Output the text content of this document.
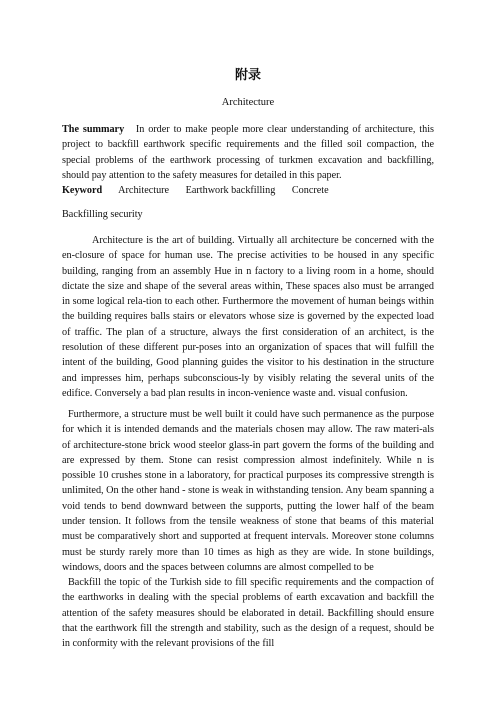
附录
Architecture

The summary In order to make people more clear understanding of architecture, this project to backfill earthwork specific requirements and the filled soil compaction, the special problems of the earthwork processing of turkmen excavation and backfilling, should pay attention to the safety measures for detailed in this paper.

Keyword Architecture Earthwork backfilling Concrete
Backfilling security

Architecture is the art of building. Virtually all architecture be concerned with the en-closure of space for human use. The precise activities to be housed in any specific building, ranging from an assembly Hue in n factory to a living room in a home, should dictate the size and shape of the several areas within, These spaces also must be arranged in some logical rela-tion to each other. Furthermore the movement of human beings within the building requires balls stairs or elevators whose size is governed by the expected load of traffic. The plan of a structure, always the first consideration of an architect, is the resolution of these different pur-poses into an organization of spaces that will fulfill the intent of the building, Good planning guides the visitor to his destination in the structure and impresses him, perhaps subconscious-ly by visibly relating the several units of the edifice. Conversely a bad plan results in incon-venience waste and. visual confusion.

Furthermore, a structure must be well built it could have such permanence as the purpose for which it is intended demands and the materials chosen may allow. The raw materi-als of architecture-stone brick wood steelor glass-in part govern the forms of the building and are expressed by them. Stone can resist compression almost indefinitely. While n is possible 10 crushes stone in a laboratory, for practical purposes its compressive strength is unlimited, On the other hand - stone is weak in withstanding tension. Any beam spanning a void tends to bend downward between the supports, putting the lower half of the beam under tension. It follows from the tensile weakness of stone that beams of this material must be comparatively short and supported at frequent intervals. Moreover stone columns must be sturdy rarely more than 10 times as high as they are wide. In stone buildings, windows, doors and the spaces between columns are almost compelled to be

Backfill the topic of the Turkish side to fill specific requirements and the compaction of the earthworks in dealing with the special problems of earth excavation and backfill the attention of the safety measures should be elaborated in detail. Backfilling should ensure that the earthwork fill the strength and stability, such as the design of a request, should be in conformity with the relevant provisions of the fill
